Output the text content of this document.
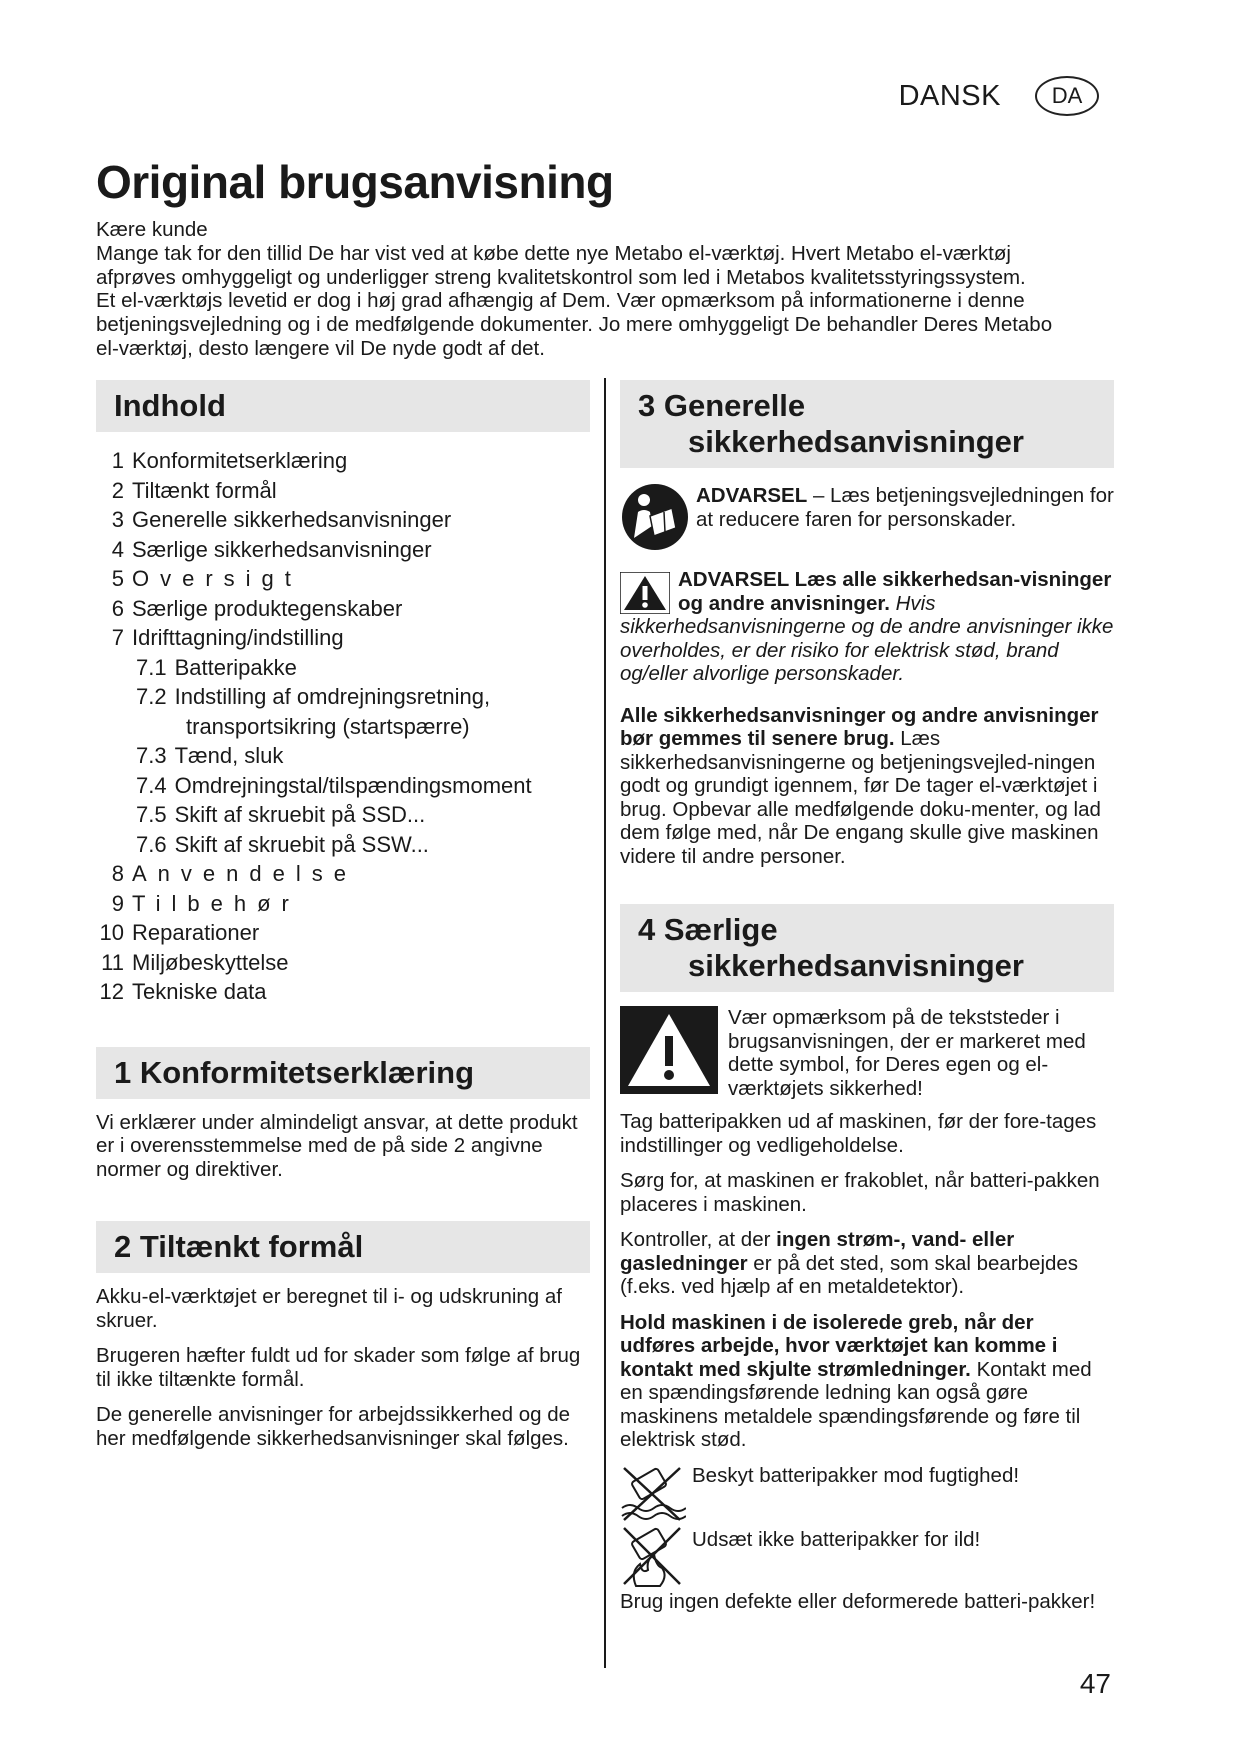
DANSK	DA
Original brugsanvisning

Kære kunde

Mange tak for den tillid De har vist ved at købe dette nye Metabo el-værktøj. Hvert Metabo el-værktøj

afprøves omhyggeligt og underligger streng kvalitetskontrol som led i Metabos kvalitetsstyringssystem.

Et el-værktøjs levetid er dog i høj grad afhængig af Dem. Vær opmærksom på informationerne i denne

betjeningsvejledning og i de medfølgende dokumenter. Jo mere omhyggeligt De behandler Deres Metabo

el-værktøj, desto længere vil De nyde godt af det.

Indhold
1 Konformitetserklæring
2 Tiltænkt formål
3 Generelle sikkerhedsanvisninger
4 Særlige sikkerhedsanvisninger
5 Oversigt
6 Særlige produktegenskaber
7 Idrifttagning/indstilling
7.1 Batteripakke
7.2 Indstilling af omdrejningsretning,
transportsikring (startspærre)
7.3 Tænd, sluk
7.4 Omdrejningstal/tilspændingsmoment
7.5 Skift af skruebit på SSD...
7.6 Skift af skruebit på SSW...
8 Anvendelse
9 Tilbehør
10 Reparationer
11 Miljøbeskyttelse
12 Tekniske data
1 Konformitetserklæring

Vi erklærer under almindeligt ansvar, at dette produkt er i overensstemmelse med de på side 2 angivne normer og direktiver.

2 Tiltænkt formål

Akku-el-værktøjet er beregnet til i- og udskruning af skruer.

Brugeren hæfter fuldt ud for skader som følge af brug til ikke tiltænkte formål.

De generelle anvisninger for arbejdssikkerhed og de her medfølgende sikkerhedsanvisninger skal følges.

3 Generelle
sikkerhedsanvisninger

ADVARSEL – Læs betjeningsvejledningen for at reducere faren for personskader.

ADVARSEL Læs alle sikkerhedsan-visninger og andre anvisninger. Hvis sikkerhedsanvisningerne og de andre anvisninger ikke overholdes, er der risiko for elektrisk stød, brand og/eller alvorlige personskader.

Alle sikkerhedsanvisninger og andre anvisninger bør gemmes til senere brug. Læs sikkerhedsanvisningerne og betjeningsvejled-ningen godt og grundigt igennem, før De tager el-værktøjet i brug. Opbevar alle medfølgende doku-menter, og lad dem følge med, når De engang skulle give maskinen videre til andre personer.

4 Særlige
sikkerhedsanvisninger

Vær opmærksom på de tekststeder i brugsanvisningen, der er markeret med dette symbol, for Deres egen og el-værktøjets sikkerhed!

Tag batteripakken ud af maskinen, før der fore-tages indstillinger og vedligeholdelse.

Sørg for, at maskinen er frakoblet, når batteri-pakken placeres i maskinen.

Kontroller, at der ingen strøm-, vand- eller gasledninger er på det sted, som skal bearbejdes (f.eks. ved hjælp af en metaldetektor).

Hold maskinen i de isolerede greb, når der udføres arbejde, hvor værktøjet kan komme i kontakt med skjulte strømledninger. Kontakt med en spændingsførende ledning kan også gøre maskinens metaldele spændingsførende og føre til elektrisk stød.

Beskyt batteripakker mod fugtighed!

Udsæt ikke batteripakker for ild!

Brug ingen defekte eller deformerede batteri-pakker!

47
